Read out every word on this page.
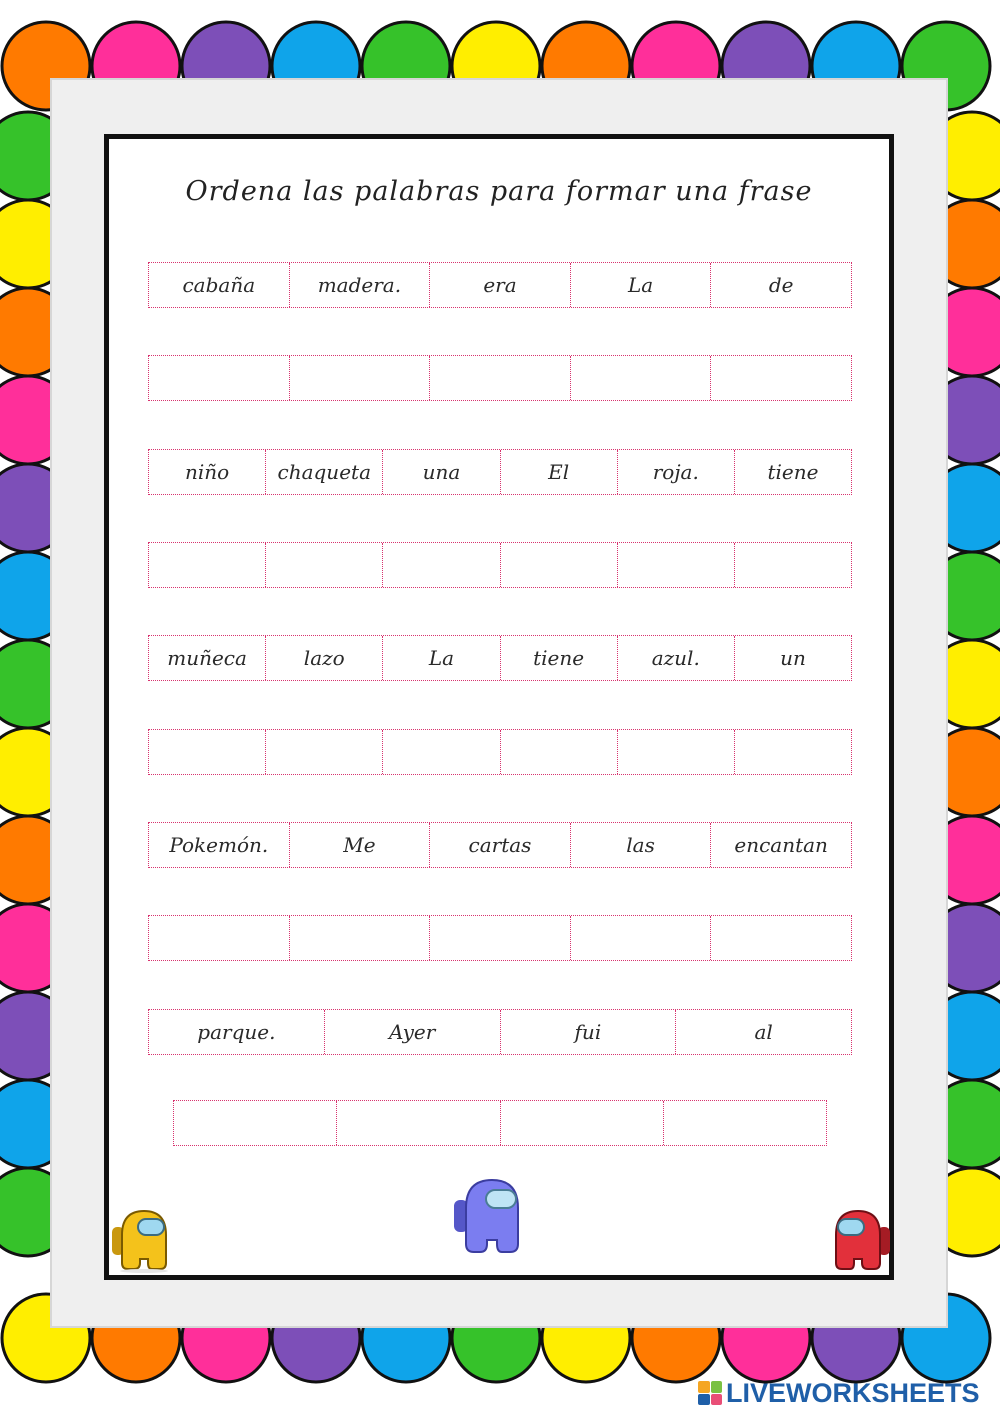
Ordena las palabras para formar una frase
cabaña	madera.	era	La	de
niño	chaqueta	una	El	roja.	tiene
muñeca	lazo	La	tiene	azul.	un
Pokemón.	Me	cartas	las	encantan
parque.	Ayer	fui	al
LIVEWORKSHEETS
